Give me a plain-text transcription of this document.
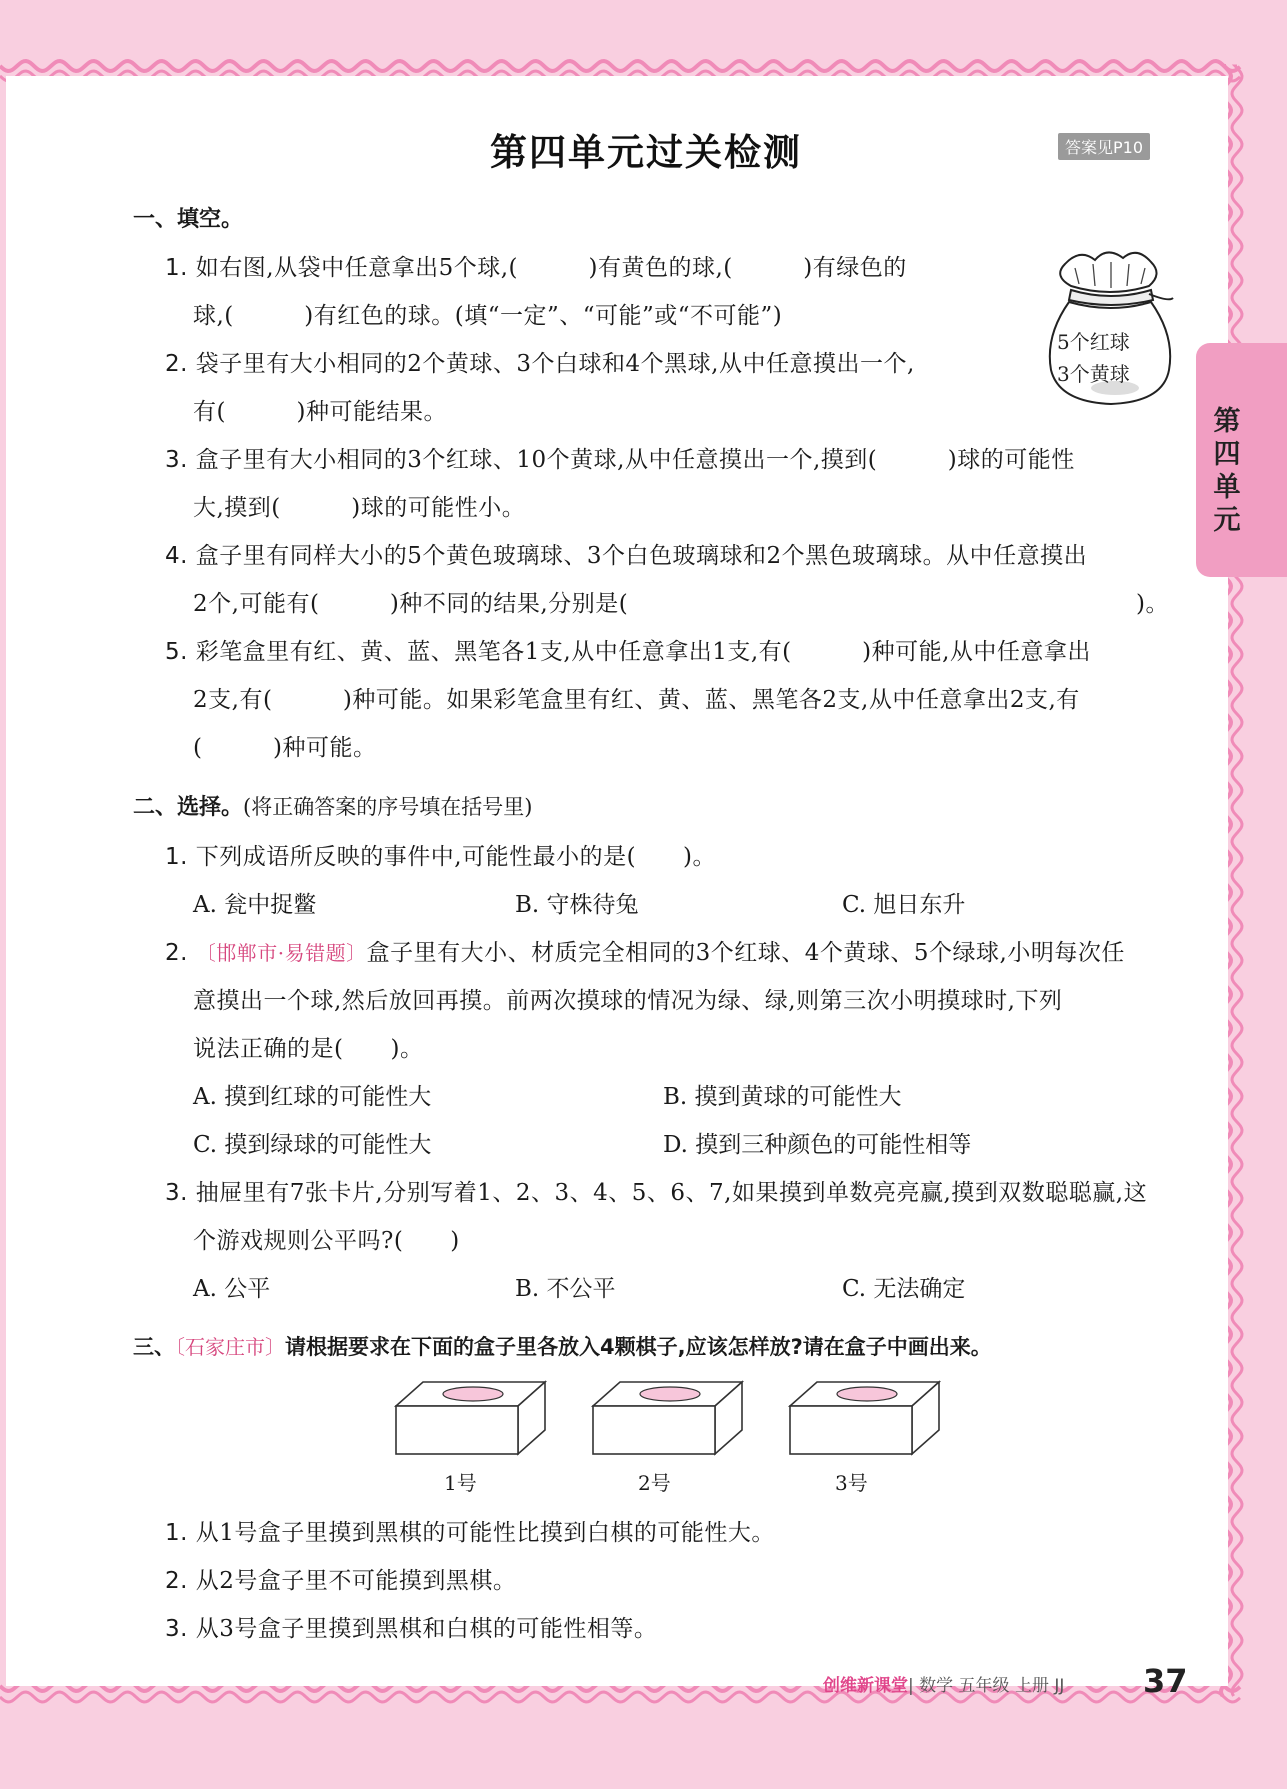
第四单元过关检测	答案见P10
第四单元
一、填空。
1. 如右图,从袋中任意拿出5个球,(　　　)有黄色的球,(　　　)有绿色的
球,(　　　)有红色的球。(填“一定”、“可能”或“不可能”)
5个红球
3个黄球
2. 袋子里有大小相同的2个黄球、3个白球和4个黑球,从中任意摸出一个,
有(　　　)种可能结果。
3. 盒子里有大小相同的3个红球、10个黄球,从中任意摸出一个,摸到(　　　)球的可能性
大,摸到(　　　)球的可能性小。
4. 盒子里有同样大小的5个黄色玻璃球、3个白色玻璃球和2个黑色玻璃球。从中任意摸出
2个,可能有(　　　)种不同的结果,分别是(	)。
5. 彩笔盒里有红、黄、蓝、黑笔各1支,从中任意拿出1支,有(　　　)种可能,从中任意拿出
2支,有(　　　)种可能。如果彩笔盒里有红、黄、蓝、黑笔各2支,从中任意拿出2支,有
(　　　)种可能。
二、选择。(将正确答案的序号填在括号里)
1. 下列成语所反映的事件中,可能性最小的是(　　)。
A. 瓮中捉鳖	B. 守株待兔	C. 旭日东升
2. 〔邯郸市·易错题〕盒子里有大小、材质完全相同的3个红球、4个黄球、5个绿球,小明每次任
意摸出一个球,然后放回再摸。前两次摸球的情况为绿、绿,则第三次小明摸球时,下列
说法正确的是(　　)。
A. 摸到红球的可能性大	B. 摸到黄球的可能性大
C. 摸到绿球的可能性大	D. 摸到三种颜色的可能性相等
3. 抽屉里有7张卡片,分别写着1、2、3、4、5、6、7,如果摸到单数亮亮赢,摸到双数聪聪赢,这
个游戏规则公平吗?(　　)
A. 公平	B. 不公平	C. 无法确定
三、〔石家庄市〕请根据要求在下面的盒子里各放入4颗棋子,应该怎样放?请在盒子中画出来。
1号	2号	3号
1. 从1号盒子里摸到黑棋的可能性比摸到白棋的可能性大。
2. 从2号盒子里不可能摸到黑棋。
3. 从3号盒子里摸到黑棋和白棋的可能性相等。
创维新课堂| 数学 五年级 上册 JJ 37
